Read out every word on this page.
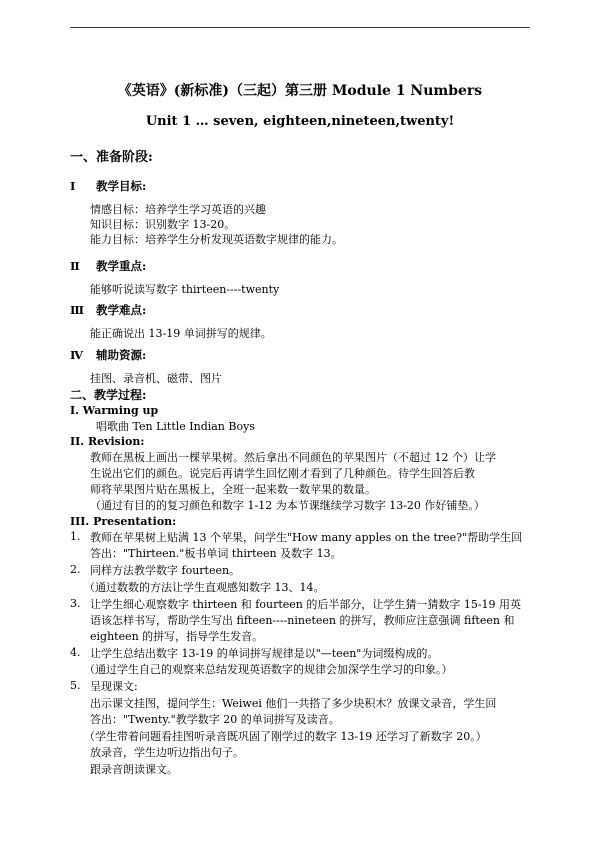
《英语》(新标准)（三起）第三册 Module 1 Numbers
Unit 1 … seven, eighteen,nineteen,twenty!
一、准备阶段:
Ⅰ 教学目标:
情感目标：培养学生学习英语的兴趣
知识目标：识别数字 13-20。
能力目标：培养学生分析发现英语数字规律的能力。
Ⅱ 教学重点:
能够听说读写数字 thirteen----twenty
Ⅲ 教学难点:
能正确说出 13-19 单词拼写的规律。
Ⅳ 辅助资源:
挂图、录音机、磁带、图片
二、教学过程:
I. Warming up
唱歌曲 Ten Little Indian Boys
II. Revision:
教师在黑板上画出一棵苹果树。然后拿出不同颜色的苹果图片（不超过 12 个）让学
生说出它们的颜色。说完后再请学生回忆刚才看到了几种颜色。待学生回答后教
师将苹果图片贴在黑板上，全班一起来数一数苹果的数量。
（通过有目的的复习颜色和数字 1-12 为本节课继续学习数字 13-20 作好铺垫。）
III. Presentation:
1. 教师在苹果树上贴满 13 个苹果，问学生"How many apples on the tree?"帮助学生回
答出："Thirteen."板书单词 thirteen 及数字 13。
2. 同样方法教学数字 fourteen。
（通过数数的方法让学生直观感知数字 13、14。
3. 让学生细心观察数字 thirteen 和 fourteen 的后半部分，让学生猜一猜数字 15-19 用英
语该怎样书写，帮助学生写出 fifteen----nineteen 的拼写，教师应注意强调 fifteen 和
eighteen 的拼写，指导学生发音。
4. 让学生总结出数字 13-19 的单词拼写规律是以"—teen"为词缀构成的。
（通过学生自己的观察来总结发现英语数字的规律会加深学生学习的印象。）
5. 呈现课文:
出示课文挂图，提问学生：Weiwei 他们一共搭了多少块积木？放课文录音，学生回
答出："Twenty."教学数字 20 的单词拼写及读音。
（学生带着问题看挂图听录音既巩固了刚学过的数字 13-19 还学习了新数字 20。）
放录音，学生边听边指出句子。
跟录音朗读课文。
